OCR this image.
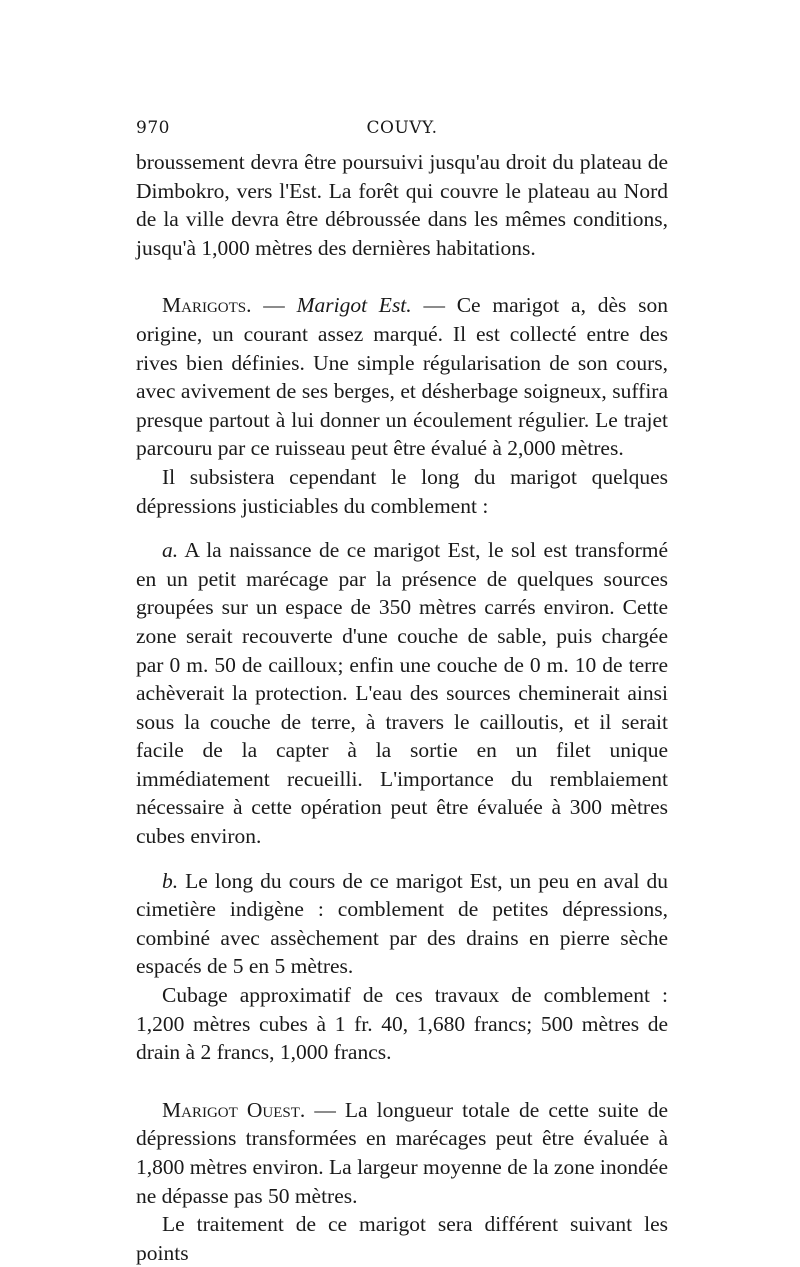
970	COUVY.

broussement devra être poursuivi jusqu'au droit du plateau de Dimbokro, vers l'Est. La forêt qui couvre le plateau au Nord de la ville devra être débroussée dans les mêmes conditions, jusqu'à 1,000 mètres des dernières habitations.

Marigots. — Marigot Est. — Ce marigot a, dès son origine, un courant assez marqué. Il est collecté entre des rives bien définies. Une simple régularisation de son cours, avec avivement de ses berges, et désherbage soigneux, suffira presque partout à lui donner un écoulement régulier. Le trajet parcouru par ce ruisseau peut être évalué à 2,000 mètres.

Il subsistera cependant le long du marigot quelques dépressions justiciables du comblement :

a. A la naissance de ce marigot Est, le sol est transformé en un petit marécage par la présence de quelques sources groupées sur un espace de 350 mètres carrés environ. Cette zone serait recouverte d'une couche de sable, puis chargée par 0 m. 50 de cailloux; enfin une couche de 0 m. 10 de terre achèverait la protection. L'eau des sources cheminerait ainsi sous la couche de terre, à travers le cailloutis, et il serait facile de la capter à la sortie en un filet unique immédiatement recueilli. L'importance du remblaiement nécessaire à cette opération peut être évaluée à 300 mètres cubes environ.

b. Le long du cours de ce marigot Est, un peu en aval du cimetière indigène : comblement de petites dépressions, combiné avec assèchement par des drains en pierre sèche espacés de 5 en 5 mètres.

Cubage approximatif de ces travaux de comblement : 1,200 mètres cubes à 1 fr. 40, 1,680 francs; 500 mètres de drain à 2 francs, 1,000 francs.

Marigot Ouest. — La longueur totale de cette suite de dépressions transformées en marécages peut être évaluée à 1,800 mètres environ. La largeur moyenne de la zone inondée ne dépasse pas 50 mètres.

Le traitement de ce marigot sera différent suivant les points
